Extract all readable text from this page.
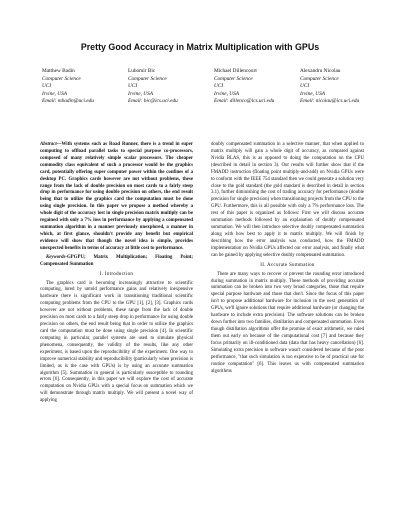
Pretty Good Accuracy in Matrix Multiplication with GPUs
Matthew Badin
Computer Science
UCI
Irvine, USA
Email: mbadin@uci.edu
Lubomir Bic
Computer Science
UCI
Irvine, USA
Email: bic@ics.uci.edu
Michael Dillencourt
Computer Science
UCI
Irvine, USA
Email: dillenco@ics.uci.edu
Alexandru Nicolau
Computer Science
UCI
Irvine, USA
Email: nicolau@ics.uci.edu

Abstract—With systems such as Road Runner, there is a trend in super computing to offload parallel tasks to special purpose co-processors, composed of many relatively simple scalar processors. The cheaper commodity class equivalent of such a processor would be the graphics card, potentially offering super computer power within the confines of a desktop PC. Graphics cards however are not without problems, these range from the lack of double precision on most cards to a fairly steep drop in performance for using double precision on others, the end result being that to utilize the graphics card the computation must be done using single precision. In this paper we propose a method whereby a whole digit of the accuracy lost in single precision matrix multiply can be regained with only a 7% loss in performance by applying a compensated summation algorithm in a manner previously unexplored, a manner in which, at first glance, shouldn't provide any benefit but empirical evidence will show that though the novel idea is simple, provides unexpected benefits in terms of accuracy at little cost to performance.

Keywords-GPGPU; Matrix Multiplication; Floating Point; Compensated Summation

I. Introduction

The graphics card is becoming increasingly attractive to scientific computing, lured by untold performance gains and relatively inexpensive hardware there is significant work in transitioning traditional scientific computing problems from the CPU to the GPU [1], [2], [3]. Graphics cards however are not without problems, these range from the lack of double precision on most cards to a fairly steep drop in performance for using double precision on others, the end result being that in order to utilize the graphics card the computation must be done using single precision [4]. In scientific computing in particular, parallel systems are used to simulate physical phenomena, consequently, the validity of the results, like any other experiment, is based upon the reproducibility of the experiment. One way to improve numerical stability and reproducibility (particularly when precision is limited, as is the case with GPUs) is by using an accurate summation algorithm [5]. Summation in general is particularly susceptible to rounding errors [6]. Consequently, in this paper we will explore the cost of accurate computation on Nvidia GPUs with a special focus on summation which we will demonstrate through matrix multiply. We will present a novel way of applying

doubly compensated summation in a selective manner, that when applied to matrix multiply will gain a whole digit of accuracy, as compared against Nvidia BLAS, this is as opposed to doing the computation on the CPU (described in detail in section 3). Our results will further show that if the FMADD instruction (floating point multiply-and-add) on Nvidia GPUs were to conform with the IEEE 754 standard then we could generate a solution very close to the gold standard (the gold standard is described in detail in section 3.1), further diminishing the cost of trading accuracy for performance (double precision for single precision) when transitioning projects from the CPU to the GPU. Furthermore, this is all possible with only a 7% performance loss. The rest of this paper is organized as follows: First we will discuss accurate summation methods followed by an explanation of doubly compensated summation. We will then introduce selective doubly compensated summation along with how best to apply it to matrix multiply. We will finish by describing how the error analysis was conducted, how the FMADD implementation on Nvidia GPUs affected our error analysis, and finally what can be gained by applying selective doubly compensated summation.

II. Accurate Summation

There are many ways to recover or prevent the rounding error introduced during summation in matrix multiply. These methods of providing accurate summation can be broken into two very broad categories, those that require special purpose hardware and those that don't. Since the focus of this paper isn't to propose additional hardware for inclusion in the next generation of GPUs, we'll ignore solutions that require additional hardware (or changing the hardware to include extra precision). The software solutions can be broken down further into two families, distillation and compensated summation. Even though distillation algorithms offer the promise of exact arithmetic, we ruled them out early on because of the computational cost [7] and because they focus primarily on ill-conditioned data (data that has heavy cancellation) [6]. Simulating extra precision in software wasn't considered because of the poor performance, "that such simulation is too expensive to be of practical use for routine computation" [6]. This leaves us with compensated summation algorithms
